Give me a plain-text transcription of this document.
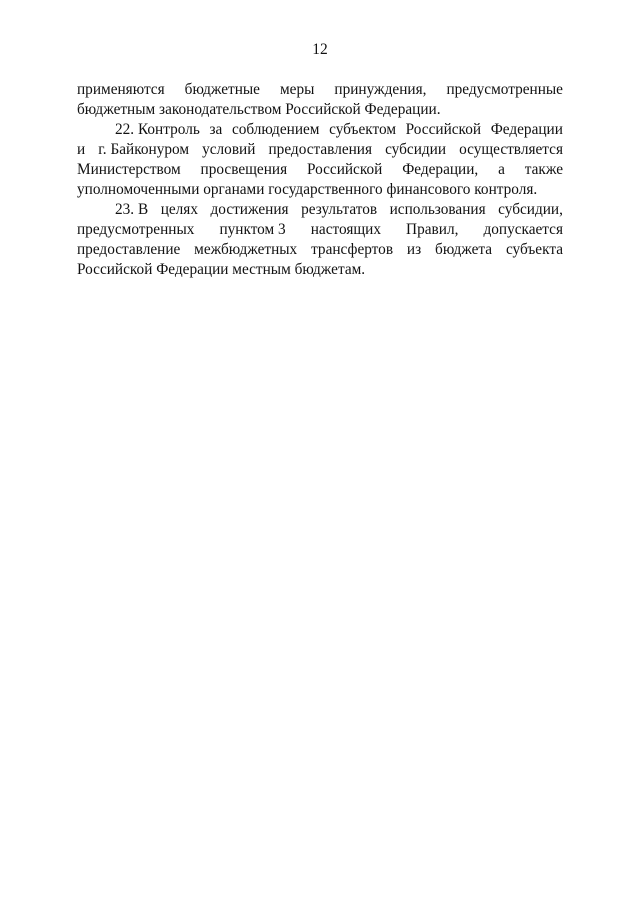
12
применяются бюджетные меры принуждения, предусмотренные
бюджетным законодательством Российской Федерации.
22. Контроль за соблюдением субъектом Российской Федерации
и г. Байконуром условий предоставления субсидии осуществляется
Министерством просвещения Российской Федерации, а также
уполномоченными органами государственного финансового контроля.
23. В целях достижения результатов использования субсидии,
предусмотренных пунктом 3 настоящих Правил, допускается
предоставление межбюджетных трансфертов из бюджета субъекта
Российской Федерации местным бюджетам.
